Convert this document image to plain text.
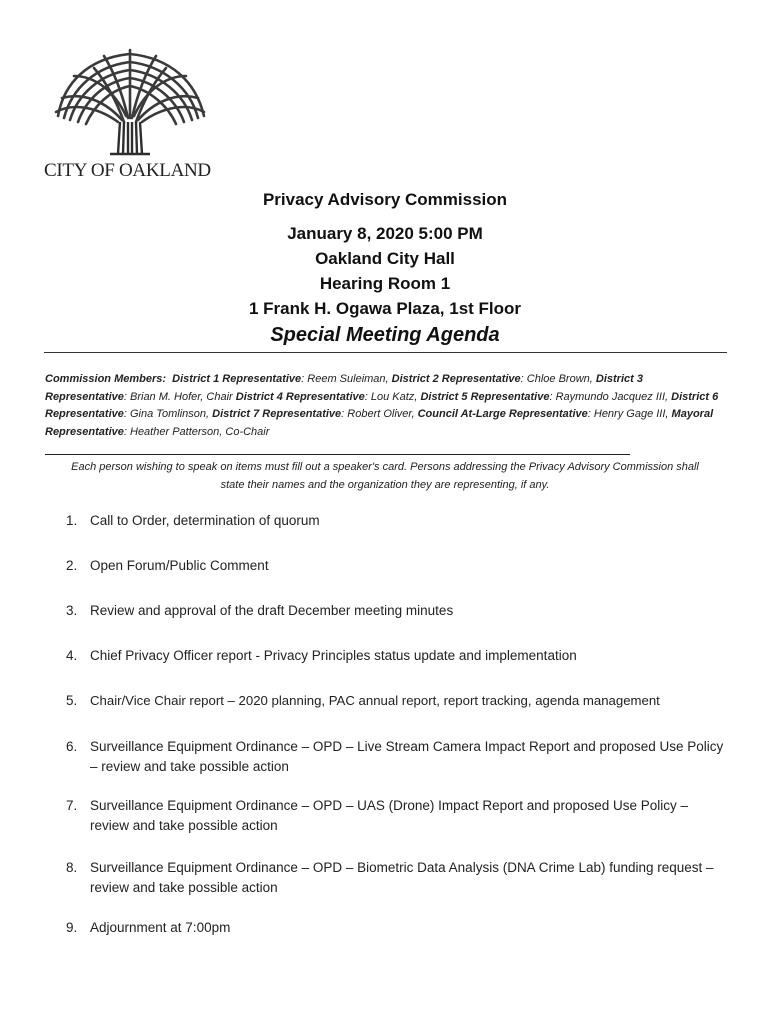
CITY OF OAKLAND
Privacy Advisory Commission
January 8, 2020 5:00 PM
Oakland City Hall
Hearing Room 1
1 Frank H. Ogawa Plaza, 1st Floor
Special Meeting Agenda
Commission Members: District 1 Representative: Reem Suleiman, District 2 Representative: Chloe Brown, District 3 Representative: Brian M. Hofer, Chair District 4 Representative: Lou Katz, District 5 Representative: Raymundo Jacquez III, District 6 Representative: Gina Tomlinson, District 7 Representative: Robert Oliver, Council At-Large Representative: Henry Gage III, Mayoral Representative: Heather Patterson, Co-Chair
Each person wishing to speak on items must fill out a speaker's card. Persons addressing the Privacy Advisory Commission shall state their names and the organization they are representing, if any.
1. Call to Order, determination of quorum
2. Open Forum/Public Comment
3. Review and approval of the draft December meeting minutes
4. Chief Privacy Officer report - Privacy Principles status update and implementation
5. Chair/Vice Chair report – 2020 planning, PAC annual report, report tracking, agenda management
6. Surveillance Equipment Ordinance – OPD – Live Stream Camera Impact Report and proposed Use Policy – review and take possible action
7. Surveillance Equipment Ordinance – OPD – UAS (Drone) Impact Report and proposed Use Policy – review and take possible action
8. Surveillance Equipment Ordinance – OPD – Biometric Data Analysis (DNA Crime Lab) funding request – review and take possible action
9. Adjournment at 7:00pm
